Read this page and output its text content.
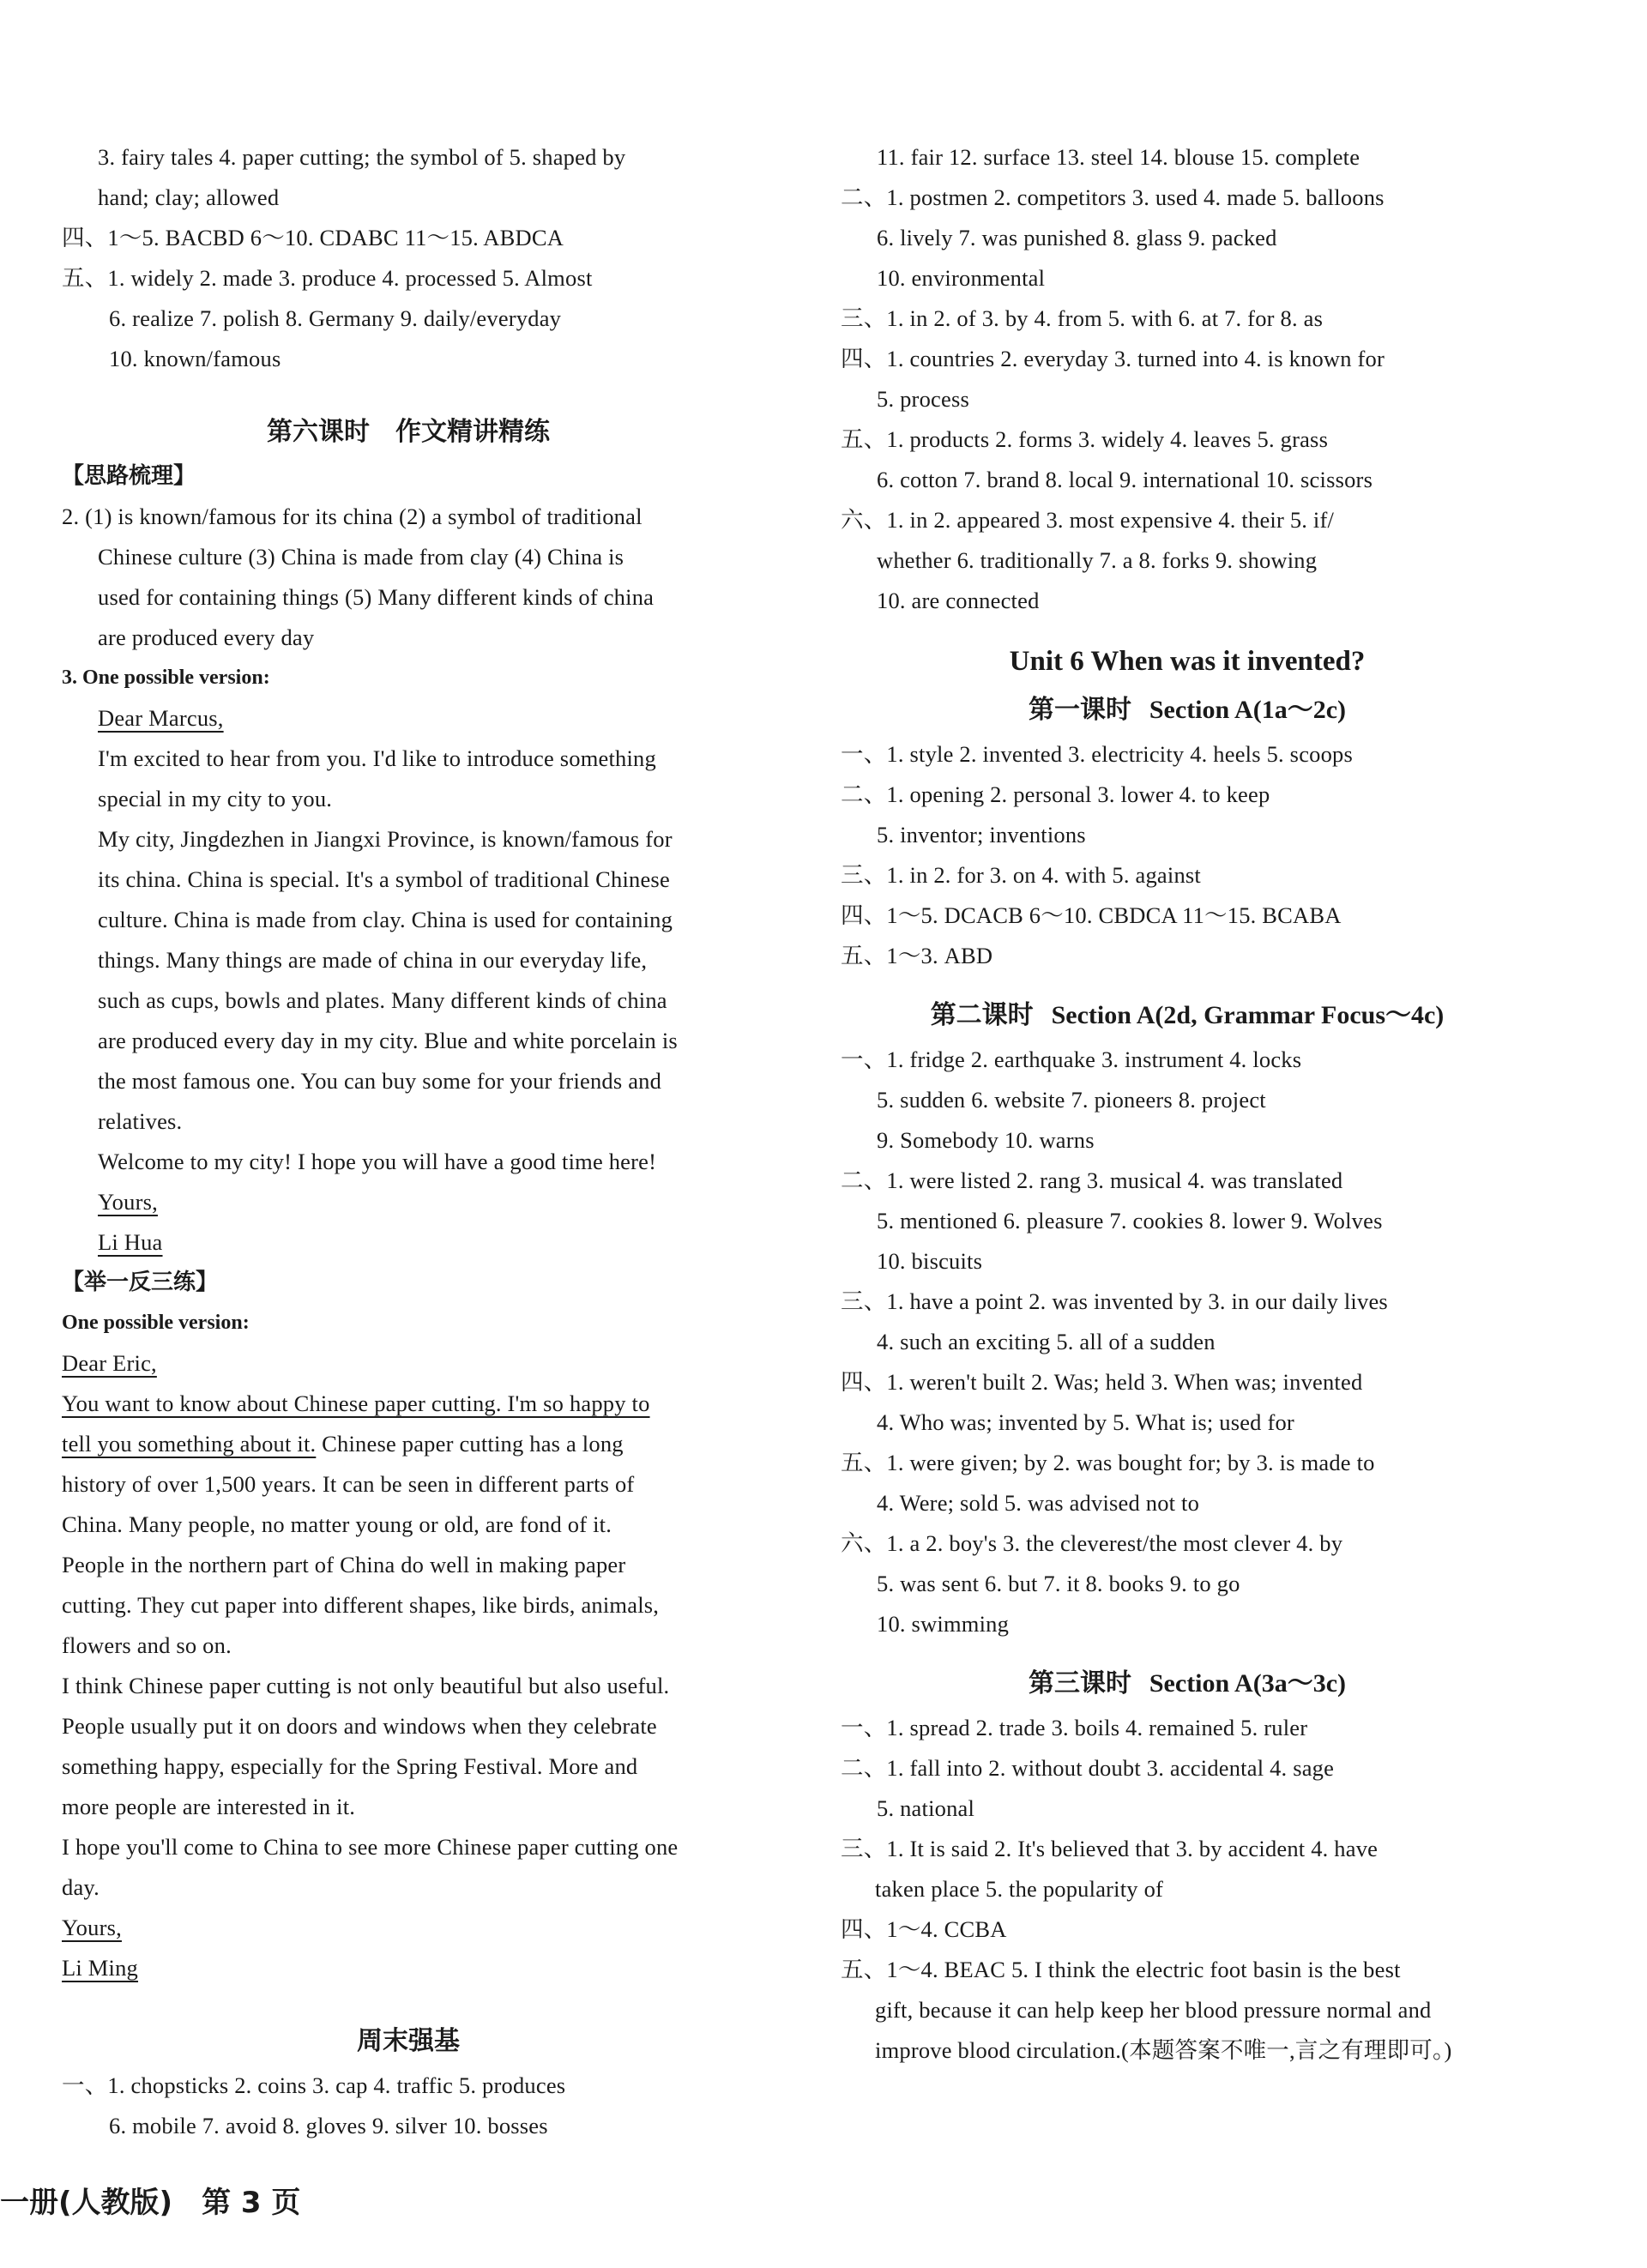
3. fairy tales 4. paper cutting; the symbol of 5. shaped by
hand; clay; allowed
四、1～5. BACBD 6～10. CDABC 11～15. ABDCA
五、1. widely 2. made 3. produce 4. processed 5. Almost
6. realize 7. polish 8. Germany 9. daily/everyday
10. known/famous
第六课时　作文精讲精练
【思路梳理】
2. (1) is known/famous for its china (2) a symbol of traditional
Chinese culture (3) China is made from clay (4) China is
used for containing things (5) Many different kinds of china
are produced every day
3. One possible version:
Dear Marcus,
I'm excited to hear from you. I'd like to introduce something
special in my city to you.
My city, Jingdezhen in Jiangxi Province, is known/famous for
its china. China is special. It's a symbol of traditional Chinese
culture. China is made from clay. China is used for containing
things. Many things are made of china in our everyday life,
such as cups, bowls and plates. Many different kinds of china
are produced every day in my city. Blue and white porcelain is
the most famous one. You can buy some for your friends and
relatives.
Welcome to my city! I hope you will have a good time here!
Yours,
Li Hua
【举一反三练】
One possible version:
Dear Eric,
You want to know about Chinese paper cutting. I'm so happy to
tell you something about it. Chinese paper cutting has a long
history of over 1,500 years. It can be seen in different parts of
China. Many people, no matter young or old, are fond of it.
People in the northern part of China do well in making paper
cutting. They cut paper into different shapes, like birds, animals,
flowers and so on.
I think Chinese paper cutting is not only beautiful but also useful.
People usually put it on doors and windows when they celebrate
something happy, especially for the Spring Festival. More and
more people are interested in it.
I hope you'll come to China to see more Chinese paper cutting one
day.
Yours,
Li Ming
周末强基
一、1. chopsticks 2. coins 3. cap 4. traffic 5. produces
6. mobile 7. avoid 8. gloves 9. silver 10. bosses
11. fair 12. surface 13. steel 14. blouse 15. complete
二、1. postmen 2. competitors 3. used 4. made 5. balloons
6. lively 7. was punished 8. glass 9. packed
10. environmental
三、1. in 2. of 3. by 4. from 5. with 6. at 7. for 8. as
四、1. countries 2. everyday 3. turned into 4. is known for
5. process
五、1. products 2. forms 3. widely 4. leaves 5. grass
6. cotton 7. brand 8. local 9. international 10. scissors
六、1. in 2. appeared 3. most expensive 4. their 5. if/
whether 6. traditionally 7. a 8. forks 9. showing
10. are connected
Unit 6 When was it invented?
第一课时 Section A(1a～2c)
一、1. style 2. invented 3. electricity 4. heels 5. scoops
二、1. opening 2. personal 3. lower 4. to keep
5. inventor; inventions
三、1. in 2. for 3. on 4. with 5. against
四、1～5. DCACB 6～10. CBDCA 11～15. BCABA
五、1～3. ABD
第二课时 Section A(2d, Grammar Focus～4c)
一、1. fridge 2. earthquake 3. instrument 4. locks
5. sudden 6. website 7. pioneers 8. project
9. Somebody 10. warns
二、1. were listed 2. rang 3. musical 4. was translated
5. mentioned 6. pleasure 7. cookies 8. lower 9. Wolves
10. biscuits
三、1. have a point 2. was invented by 3. in our daily lives
4. such an exciting 5. all of a sudden
四、1. weren't built 2. Was; held 3. When was; invented
4. Who was; invented by 5. What is; used for
五、1. were given; by 2. was bought for; by 3. is made to
4. Were; sold 5. was advised not to
六、1. a 2. boy's 3. the cleverest/the most clever 4. by
5. was sent 6. but 7. it 8. books 9. to go
10. swimming
第三课时 Section A(3a～3c)
一、1. spread 2. trade 3. boils 4. remained 5. ruler
二、1. fall into 2. without doubt 3. accidental 4. sage
5. national
三、1. It is said 2. It's believed that 3. by accident 4. have
taken place 5. the popularity of
四、1～4. CCBA
五、1～4. BEAC 5. I think the electric foot basin is the best
gift, because it can help keep her blood pressure normal and
improve blood circulation.(本题答案不唯一,言之有理即可。)
一册(人教版)　第 3 页
